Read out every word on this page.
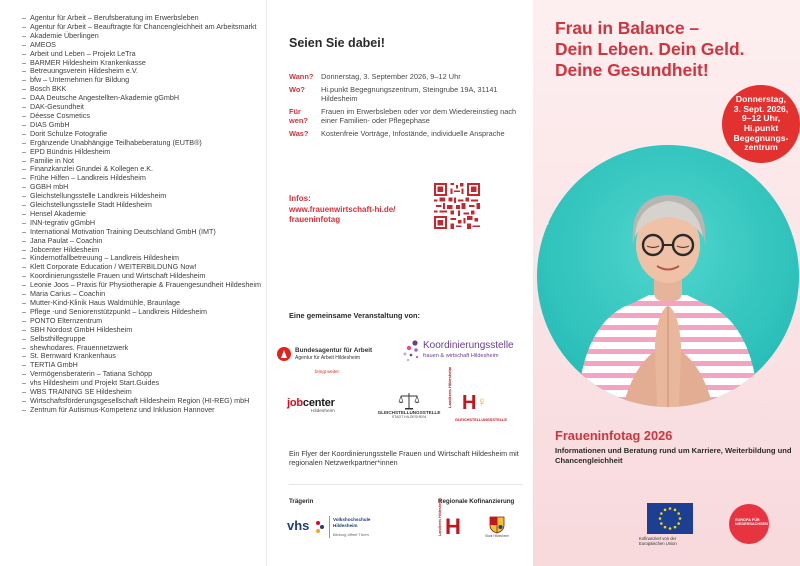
– Agentur für Arbeit – Berufsberatung im Erwerbsleben
– Agentur für Arbeit – Beauftragte für Chancengleichheit am Arbeitsmarkt
– Akademie Überlingen
– AMEOS
– Arbeit und Leben – Projekt LeTra
– BARMER Hildesheim Krankenkasse
– Betreuungsverein Hildesheim e.V.
– bfw – Unternehmen für Bildung
– Bosch BKK
– DAA Deutsche Angestellten-Akademie gGmbH
– DAK-Gesundheit
– Déesse Cosmetics
– DIAS GmbH
– Dorit Schulze Fotografie
– Ergänzende Unabhängige Teilhabeberatung (EUTB®)
– EPD Bündnis Hildesheim
– Familie in Not
– Finanzkanzlei Grundei & Kollegen e.K.
– Frühe Hilfen – Landkreis Hildesheim
– GGBH mbH
– Gleichstellungsstelle Landkreis Hildesheim
– Gleichstellungsstelle Stadt Hildesheim
– Hensel Akademie
– INN-tegrativ gGmbH
– International Motivation Training Deutschland GmbH (IMT)
– Jana Paulat – Coachin
– Jobcenter Hildesheim
– Kindernotfallbetreuung – Landkreis Hildesheim
– Klett Corporate Education / WEITERBILDUNG Now!
– Koordinierungsstelle Frauen und Wirtschaft Hildesheim
– Leonie Joos – Praxis für Physiotherapie & Frauengesundheit Hildesheim
– Maria Carius – Coachin
– Mutter-Kind-Klinik Haus Waldmühle, Braunlage
– Pflege -und Seniorenstützpunkt – Landkreis Hildesheim
– PONTO Elternzentrum
– SBH Nordost GmbH Hildesheim
– Selbsthilfegruppe
– shewhodares. Frauennetzwerk
– St. Bernward Krankenhaus
– TERTIA GmbH
– Vermögensberaterin – Tatiana Schöpp
– vhs Hildesheim und Projekt Start.Guides
– WBS TRAINING SE Hildesheim
– Wirtschaftsförderungsgesellschaft Hildesheim Region (HI-REG) mbH
– Zentrum für Autismus-Kompetenz und Inklusion Hannover
Seien Sie dabei!
Wann?	Donnerstag, 3. September 2026, 9–12 Uhr
Wo?	Hi.punkt Begegnungszentrum, Steingrube 19A, 31141 Hildesheim
Für wen?
Frauen im Erwerbsleben oder vor dem Wiedereinstieg nach einer Familien- oder Pflegephase
Was?	Kostenfreie Vorträge, Infostände, individuelle Ansprache
Infos:
www.frauenwirtschaft-hi.de/
fraueninfotag
Eine gemeinsame Veranstaltung von:
Bundesagentur für Arbeit
Agentur für Arbeit Hildesheim
bringt weiter.
Koordinierungsstelle
frauen & wirtschaft Hildesheim
jobcenter
Hildesheim	GLEICHSTELLUNGSSTELLE
STADT HILDESHEIM
Landkreis Hildesheim H ♀
GLEICHSTELLUNGSSTELLE

Ein Flyer der Koordinierungsstelle Frauen und Wirtschaft Hildesheim mit regionalen Netzwerkpartner*innen

Trägerin	Regionale Kofinanzierung
vhs	Volkshochschule
Hildesheim
Bildung öffnet Türen	Landkreis Hildesheim H	Stadt Hildesheim
Frau in Balance –
Dein Leben. Dein Geld.
Deine Gesundheit!
© deagreez – adobe.stock.com
Donnerstag,
3. Sept. 2026,
9–12 Uhr,
Hi.punkt
Begegnungs-
zentrum
Fraueninfotag 2026

Informationen und Beratung rund um Karriere, Weiterbildung und Chancengleichheit

Kofinanziert von der
Europäischen Union
EUROPA FÜR NIEDERSACHSEN
